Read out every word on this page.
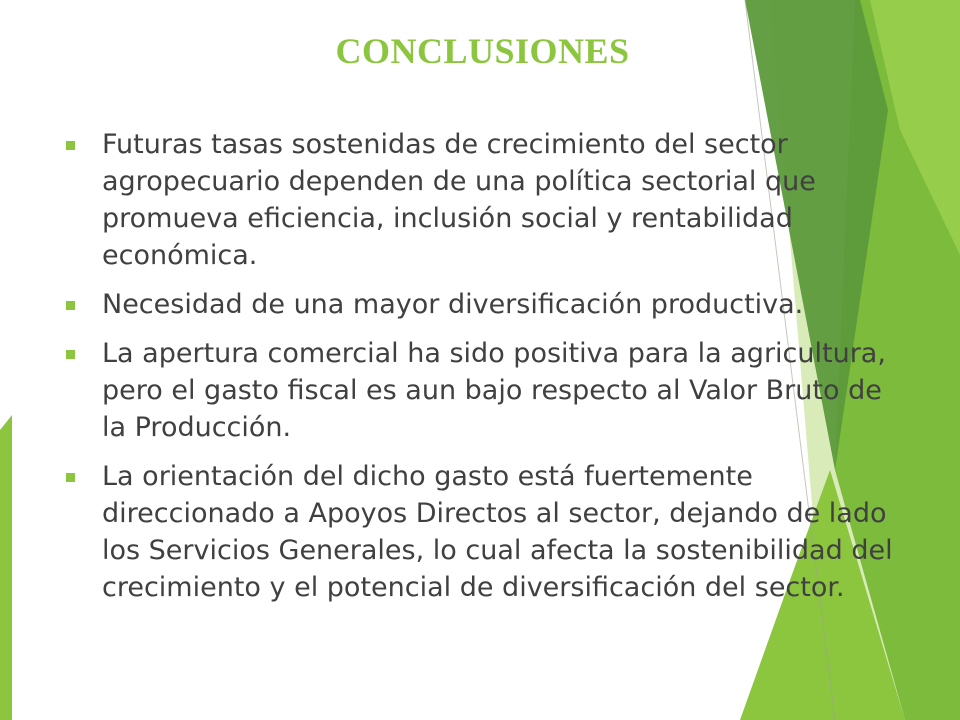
CONCLUSIONES
Futuras tasas sostenidas de crecimiento del sector agropecuario dependen de una política sectorial que promueva eficiencia, inclusión social y rentabilidad económica.
Necesidad de una mayor diversificación productiva.
La apertura comercial ha sido positiva para la agricultura, pero el gasto fiscal es aun bajo respecto al Valor Bruto de la Producción.
La orientación del dicho gasto está fuertemente direccionado a Apoyos Directos al sector, dejando de lado los Servicios Generales, lo cual afecta la sostenibilidad del crecimiento y el potencial de diversificación del sector.
